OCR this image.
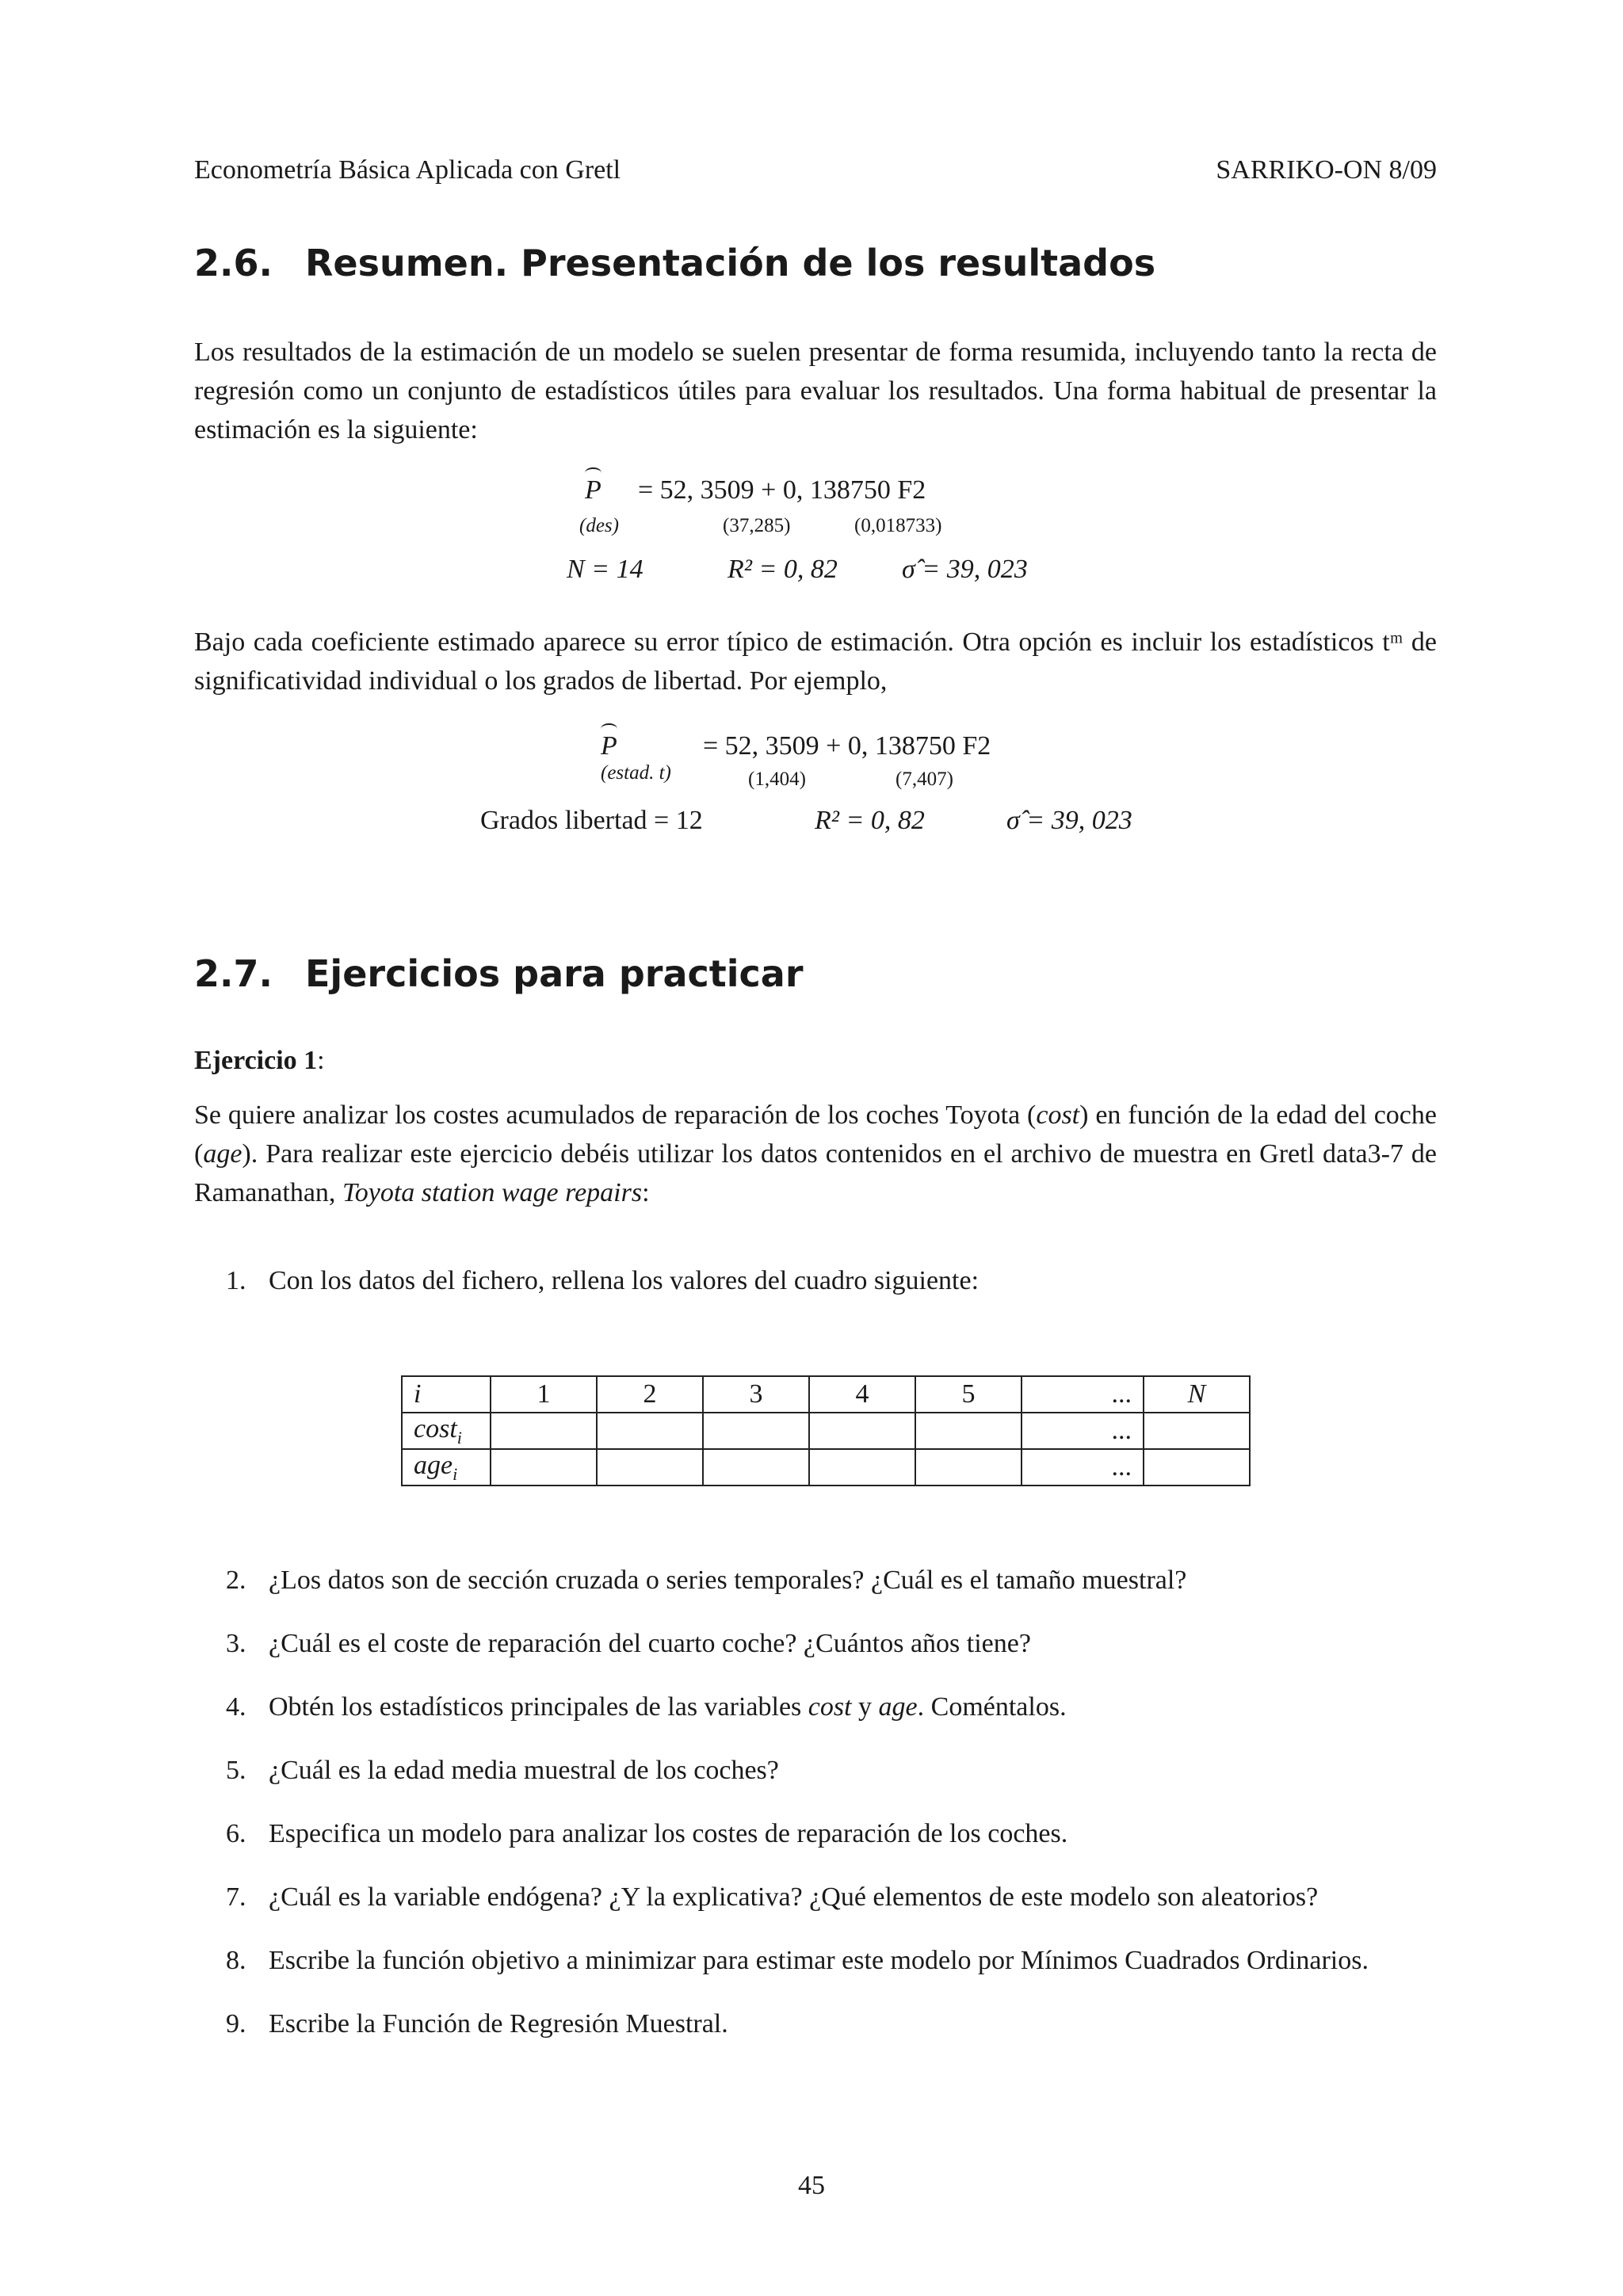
Econometría Básica Aplicada con Gretl	SARRIKO-ON 8/09
2.6. Resumen. Presentación de los resultados
Los resultados de la estimación de un modelo se suelen presentar de forma resumida, incluyendo tanto la recta de regresión como un conjunto de estadísticos útiles para evaluar los resultados. Una forma habitual de presentar la estimación es la siguiente:
P = 52, 3509 + 0, 138750 F2
(des)	(37,285)	(0,018733)
N = 14	R² = 0, 82 σ̂ = 39, 023
Bajo cada coeficiente estimado aparece su error típico de estimación. Otra opción es incluir los estadísticos tᵐ de significatividad individual o los grados de libertad. Por ejemplo,
P	= 52, 3509 + 0, 138750 F2
(estad. t)	(1,404)	(7,407)
Grados libertad = 12	R² = 0, 82	σ̂ = 39, 023
2.7. Ejercicios para practicar
Ejercicio 1:
Se quiere analizar los costes acumulados de reparación de los coches Toyota (cost) en función de la edad del coche (age). Para realizar este ejercicio debéis utilizar los datos contenidos en el archivo de muestra en Gretl data3-7 de Ramanathan, Toyota station wage repairs:
1. Con los datos del fichero, rellena los valores del cuadro siguiente:
i	1	2	3	4	5	...	N
cost$_i$						...	
age$_i$						...	
2. ¿Los datos son de sección cruzada o series temporales? ¿Cuál es el tamaño muestral?
3. ¿Cuál es el coste de reparación del cuarto coche? ¿Cuántos años tiene?
4. Obtén los estadísticos principales de las variables cost y age. Coméntalos.
5. ¿Cuál es la edad media muestral de los coches?
6. Especifica un modelo para analizar los costes de reparación de los coches.
7. ¿Cuál es la variable endógena? ¿Y la explicativa? ¿Qué elementos de este modelo son aleatorios?
8. Escribe la función objetivo a minimizar para estimar este modelo por Mínimos Cuadrados Ordinarios.
9. Escribe la Función de Regresión Muestral.
45
